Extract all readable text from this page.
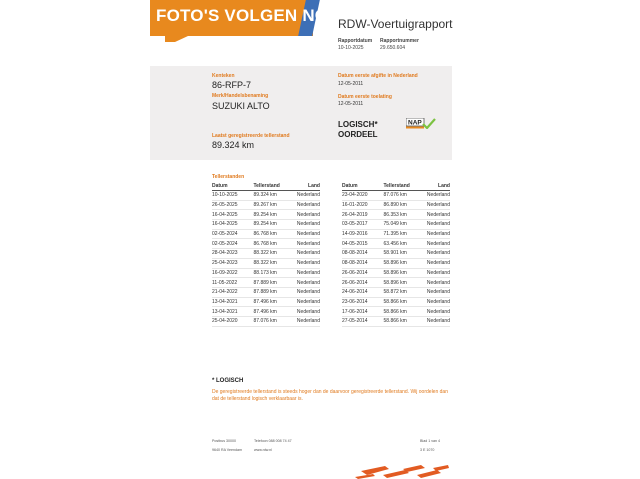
FOTO'S VOLGEN NOG
RDW-Voertuigrapport
Rapportdatum
10-10-2025
Rapportnummer
29.650.604
Kenteken
86-RFP-7
Merk/Handelsbenaming
SUZUKI ALTO
Laatst geregistreerde tellerstand
89.324 km
Datum eerste afgifte in Nederland
12-05-2011
Datum eerste toelating
12-05-2011
LOGISCH*
OORDEEL
NAP
Tellerstanden
Datum	Tellerstand	Land
10-10-2025	89.324 km	Nederland
26-05-2025	89.267 km	Nederland
16-04-2025	89.254 km	Nederland
16-04-2025	89.254 km	Nederland
02-05-2024	86.768 km	Nederland
02-05-2024	86.768 km	Nederland
28-04-2023	88.322 km	Nederland
25-04-2023	88.322 km	Nederland
16-09-2022	88.173 km	Nederland
11-05-2022	87.889 km	Nederland
21-04-2022	87.889 km	Nederland
13-04-2021	87.496 km	Nederland
13-04-2021	87.496 km	Nederland
25-04-2020	87.076 km	Nederland
Datum	Tellerstand	Land
23-04-2020	87.076 km	Nederland
16-01-2020	86.890 km	Nederland
26-04-2019	86.353 km	Nederland
03-05-2017	75.049 km	Nederland
14-09-2016	71.395 km	Nederland
04-05-2015	63.456 km	Nederland
08-08-2014	58.901 km	Nederland
08-08-2014	58.896 km	Nederland
26-06-2014	58.896 km	Nederland
26-06-2014	58.896 km	Nederland
24-06-2014	58.872 km	Nederland
23-06-2014	58.866 km	Nederland
17-06-2014	58.866 km	Nederland
27-05-2014	58.866 km	Nederland
* LOGISCH
De geregistreerde tellerstand is steeds hoger dan de daarvoor geregistreerde tellerstand. Wij oordelen dan dat de tellerstand logisch verklaarbaar is.
Postbus 30000
9640 RA Veendam
Telefoon 088 008 74 47
www.rdw.nl
Blad 1 van 4
3 E 1070
